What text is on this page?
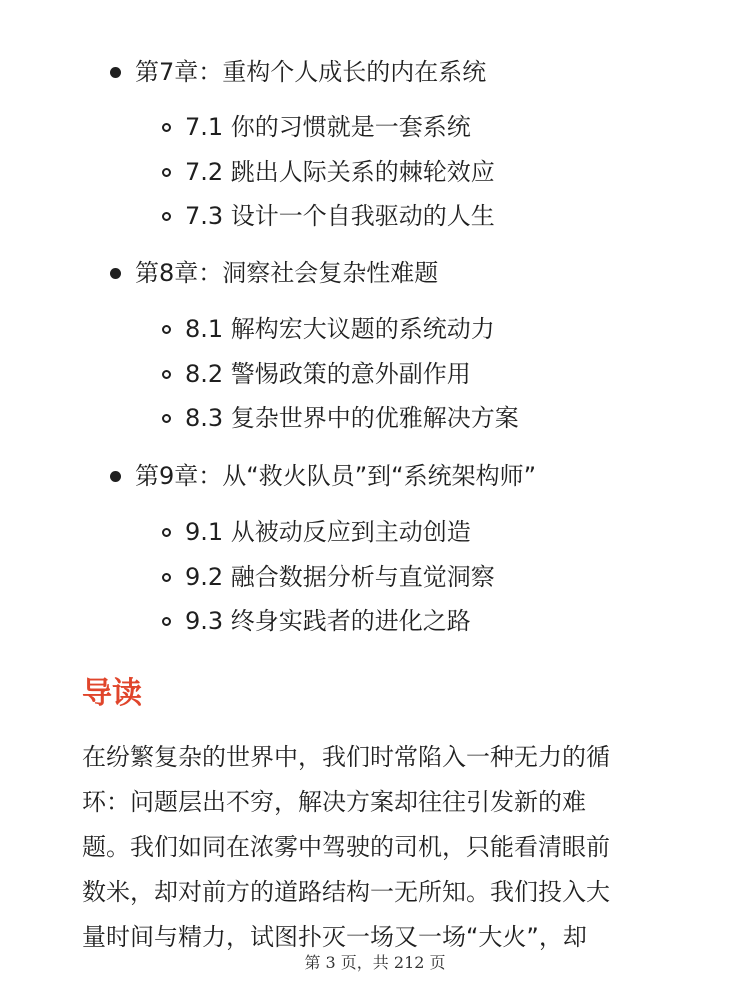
第7章：重构个人成长的内在系统
7.1 你的习惯就是一套系统
7.2 跳出人际关系的棘轮效应
7.3 设计一个自我驱动的人生
第8章：洞察社会复杂性难题
8.1 解构宏大议题的系统动力
8.2 警惕政策的意外副作用
8.3 复杂世界中的优雅解决方案
第9章：从“救火队员”到“系统架构师”
9.1 从被动反应到主动创造
9.2 融合数据分析与直觉洞察
9.3 终身实践者的进化之路
导读
在纷繁复杂的世界中，我们时常陷入一种无力的循
环：问题层出不穷，解决方案却往往引发新的难
题。我们如同在浓雾中驾驶的司机，只能看清眼前
数米，却对前方的道路结构一无所知。我们投入大
量时间与精力，试图扑灭一场又一场“大火”，却
第 3 页，共 212 页
